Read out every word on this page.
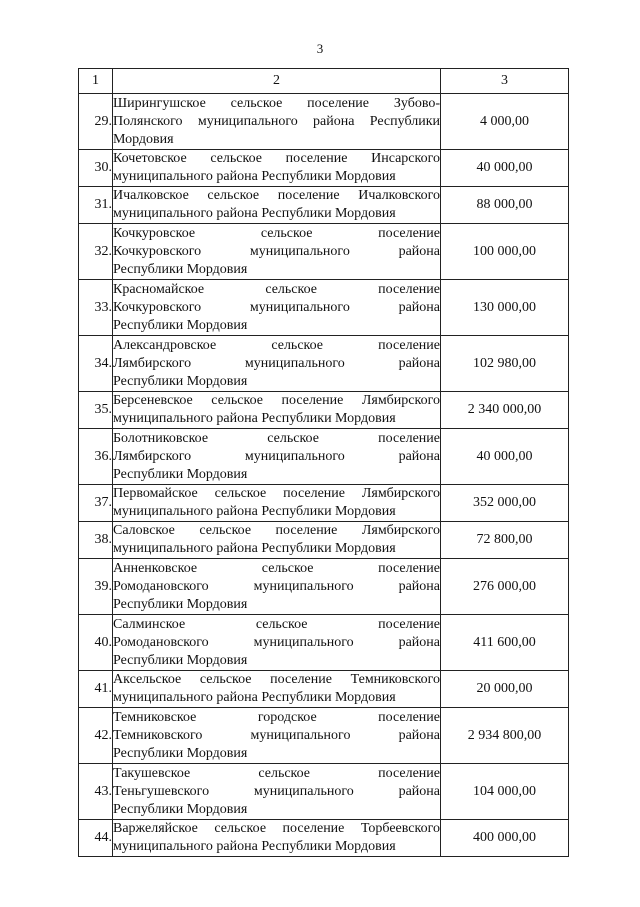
3
1	2	3
29.	Ширингушское сельское поселение Зубово-
Полянского муниципального района Республики
Мордовия	4 000,00
30.	Кочетовское сельское поселение Инсарского
муниципального района Республики Мордовия	40 000,00
31.	Ичалковское сельское поселение Ичалковского
муниципального района Республики Мордовия	88 000,00
32.	Кочкуровское сельское поселение
Кочкуровского муниципального района
Республики Мордовия	100 000,00
33.	Красномайское сельское поселение
Кочкуровского муниципального района
Республики Мордовия	130 000,00
34.	Александровское сельское поселение
Лямбирского муниципального района
Республики Мордовия	102 980,00
35.	Берсеневское сельское поселение Лямбирского
муниципального района Республики Мордовия	2 340 000,00
36.	Болотниковское сельское поселение
Лямбирского муниципального района
Республики Мордовия	40 000,00
37.	Первомайское сельское поселение Лямбирского
муниципального района Республики Мордовия	352 000,00
38.	Саловское сельское поселение Лямбирского
муниципального района Республики Мордовия	72 800,00
39.	Анненковское сельское поселение
Ромодановского муниципального района
Республики Мордовия	276 000,00
40.	Салминское сельское поселение
Ромодановского муниципального района
Республики Мордовия	411 600,00
41.	Аксельское сельское поселение Темниковского
муниципального района Республики Мордовия	20 000,00
42.	Темниковское городское поселение
Темниковского муниципального района
Республики Мордовия	2 934 800,00
43.	Такушевское сельское поселение
Теньгушевского муниципального района
Республики Мордовия	104 000,00
44.	Варжеляйское сельское поселение Торбеевского
муниципального района Республики Мордовия	400 000,00
